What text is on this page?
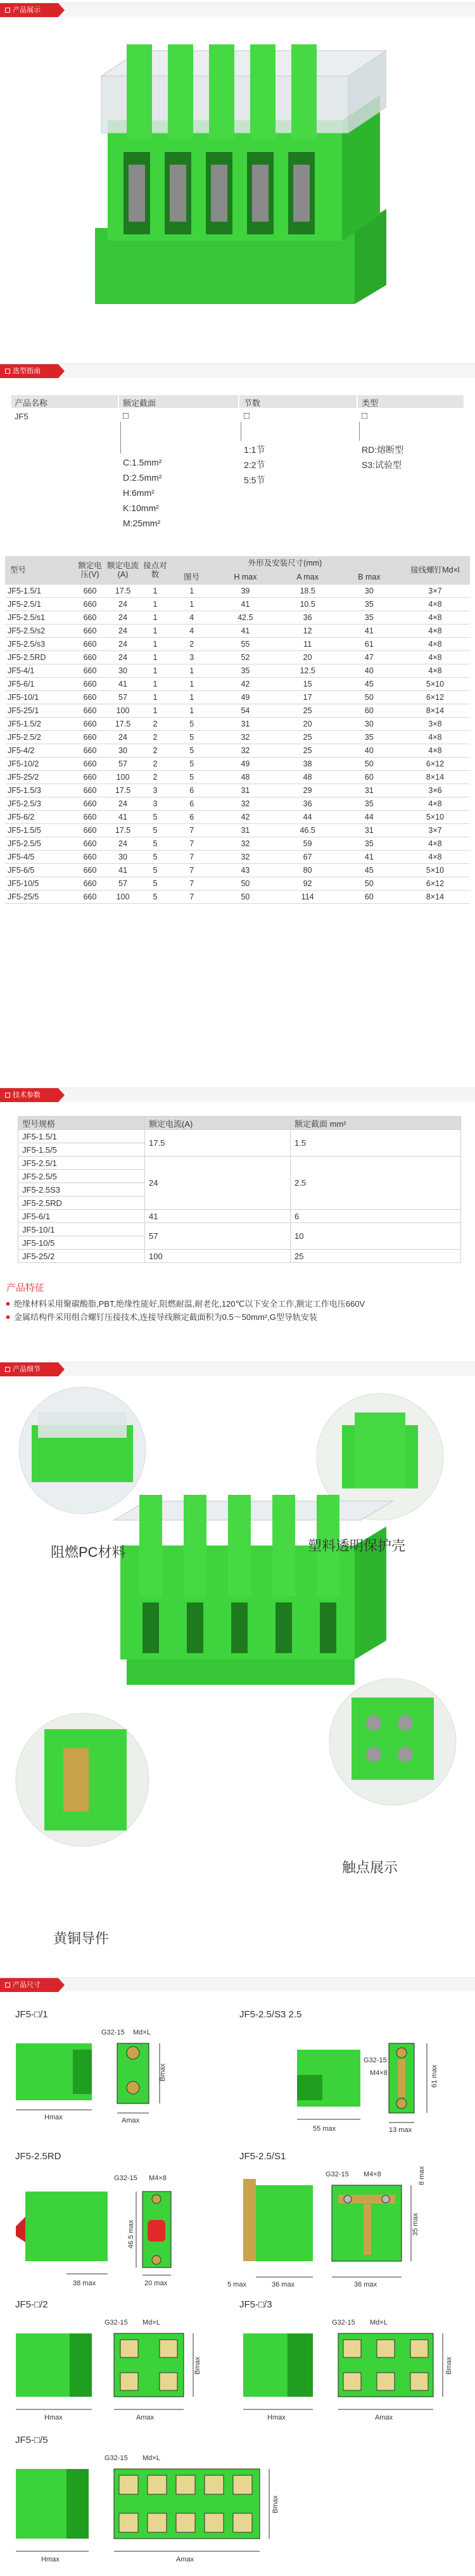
产品展示
选型指南
产品名称	额定截面	节数	类型
JF5	□	□	□
C:1.5mm²
D:2.5mm²
H:6mm²
K:10mm²
M:25mm²
1:1节
2:2节
5:5节
RD:熔断型
S3:试验型
型号	额定电压(V)	额定电流(A)	接点对数	外形及安装尺寸(mm)				接线螺钉Md×l
				图号	H max	A max	B max	
JF5-1.5/1	660	17.5	1	1	39	18.5	30	3×7
JF5-2.5/1	660	24	1	1	41	10.5	35	4×8
JF5-2.5/s1	660	24	1	4	42.5	36	35	4×8
JF5-2.5/s2	660	24	1	4	41	12	41	4×8
JF5-2.5/s3	660	24	1	2	55	11	61	4×8
JF5-2.5RD	660	24	1	3	52	20	47	4×8
JF5-4/1	660	30	1	1	35	12.5	40	4×8
JF5-6/1	660	41	1	1	42	15	45	5×10
JF5-10/1	660	57	1	1	49	17	50	6×12
JF5-25/1	660	100	1	1	54	25	60	8×14
JF5-1.5/2	660	17.5	2	5	31	20	30	3×8
JF5-2.5/2	660	24	2	5	32	25	35	4×8
JF5-4/2	660	30	2	5	32	25	40	4×8
JF5-10/2	660	57	2	5	49	38	50	6×12
JF5-25/2	660	100	2	5	48	48	60	8×14
JF5-1.5/3	660	17.5	3	6	31	29	31	3×6
JF5-2.5/3	660	24	3	6	32	36	35	4×8
JF5-6/2	660	41	5	6	42	44	44	5×10
JF5-1.5/5	660	17.5	5	7	31	46.5	31	3×7
JF5-2.5/5	660	24	5	7	32	59	35	4×8
JF5-4/5	660	30	5	7	32	67	41	4×8
JF5-6/5	660	41	5	7	43	80	45	5×10
JF5-10/5	660	57	5	7	50	92	50	6×12
JF5-25/5	660	100	5	7	50	114	60	8×14
技术参数
型号规格	额定电流(A)	额定截面 mm²
JF5-1.5/1	17.5	1.5
JF5-1.5/5		
JF5-2.5/1	24	2.5
JF5-2.5/5		
JF5-2.5S3		
JF5-2.5RD		
JF5-6/1	41	6
JF5-10/1	57	10
JF5-10/5		
JF5-25/2	100	25
产品特征
绝缘材料采用聚碳酸脂,PBT,绝缘性能好,阻燃耐温,耐老化,120℃以下安全工作,额定工作电压660V
金属结构件采用组合螺钉压接技术,连接导线额定截面积为0.5～50mm²,G型导轨安装
产品细节
阻燃PC材料	塑料透明保护壳
黄铜导件
触点展示
产品尺寸
JF5-□/1	JF5-2.5/S3 2.5
JF5-2.5RD	JF5-2.5/S1
JF5-□/2	JF5-□/3
JF5-□/5
Hmax
G32-15 Md×L
Bmax
Amax
55 max
G32-15
M4×8	61 max
13 max
38 max
G32-15 M4×8
46.5 max
20 max	36 max
5 max
G32-15 M4×8
35 max
8 max
36 max
Hmax
G32-15 Md×L
Bmax
Amax	Hmax
G32-15 Md×L
Bmax
Amax
Hmax
G32-15 Md×L
Bmax
Amax
